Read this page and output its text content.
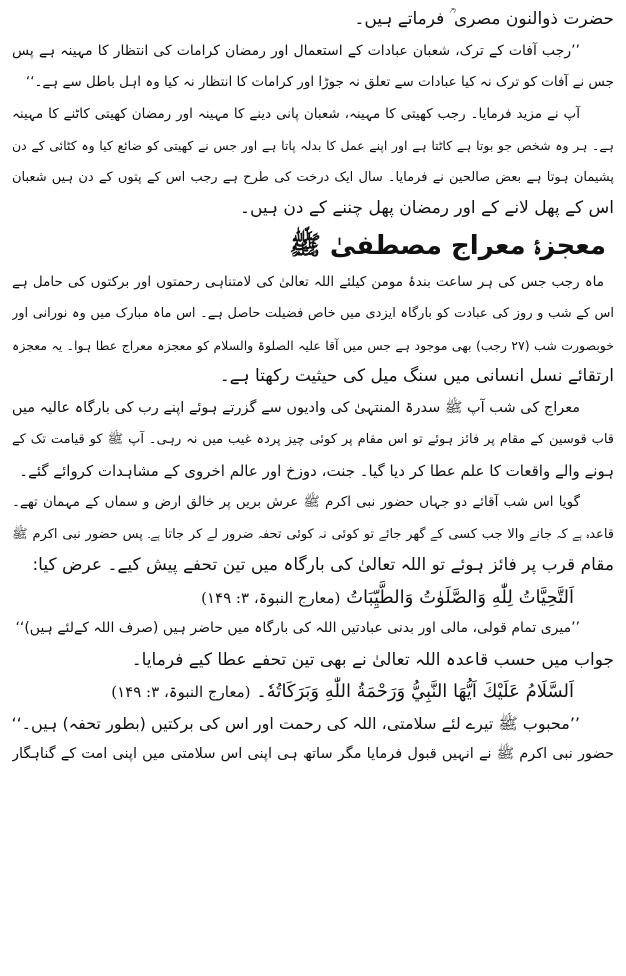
حضرت ذوالنون مصری ؒ فرماتے ہیں۔
’’رجب آفات کے ترک، شعبان عبادات کے استعمال اور رمضان کرامات کی انتظار کا مہینہ ہے پس
جس نے آفات کو ترک نہ کیا عبادات سے تعلق نہ جوڑا اور کرامات کا انتظار نہ کیا وہ اہل باطل سے ہے۔‘‘
آپ نے مزید فرمایا۔ رجب کھیتی کا مہینہ، شعبان پانی دینے کا مہینہ اور رمضان کھیتی کاٹنے کا مہینہ
ہے۔ ہر وہ شخص جو بوتا ہے کاٹتا ہے اور اپنے عمل کا بدلہ پاتا ہے اور جس نے کھیتی کو ضائع کیا وہ کٹائی کے دن
پشیمان ہوتا ہے بعض صالحین نے فرمایا۔ سال ایک درخت کی طرح ہے رجب اس کے پتوں کے دن ہیں شعبان
اس کے پھل لانے کے اور رمضان پھل چننے کے دن ہیں۔
معجزۂ معراج مصطفیٰ ﷺ
ماہ رجب جس کی ہر ساعت بندۂ مومن کیلئے اللہ تعالیٰ کی لامتناہی رحمتوں اور برکتوں کی حامل ہے
اس کے شب و روز کی عبادت کو بارگاہ ایزدی میں خاص فضیلت حاصل ہے۔ اس ماہ مبارک میں وہ نورانی اور
خوبصورت شب (۲۷ رجب) بھی موجود ہے جس میں آقا علیہ الصلوۃ والسلام کو معجزہ معراج عطا ہوا۔ یہ معجزہ
ارتقائے نسل انسانی میں سنگ میل کی حیثیت رکھتا ہے۔
معراج کی شب آپ ﷺ سدرۃ المنتہیٰ کی وادیوں سے گزرتے ہوئے اپنے رب کی بارگاہ عالیہ میں
قاب قوسین کے مقام پر فائز ہوئے تو اس مقام پر کوئی چیز پردہ غیب میں نہ رہی۔ آپ ﷺ کو قیامت تک کے
ہونے والے واقعات کا علم عطا کر دیا گیا۔ جنت، دوزخ اور عالم اخروی کے مشاہدات کروائے گئے۔
گویا اس شب آقائے دو جہاں حضور نبی اکرم ﷺ عرش بریں پر خالق ارض و سماں کے مہمان تھے۔
قاعدہ ہے کہ جانے والا جب کسی کے گھر جائے تو کوئی نہ کوئی تحفہ ضرور لے کر جاتا ہے۔ پس حضور نبی اکرم ﷺ
مقام قرب پر فائز ہوئے تو اللہ تعالیٰ کی بارگاہ میں تین تحفے پیش کیے۔ عرض کیا:
اَلتَّحِيَّاتُ لِلّٰهِ وَالصَّلَوٰتُ وَالطَّيِّبَاتُ (معارج النبوۃ، ۳: ۱۴۹)
’’میری تمام قولی، مالی اور بدنی عبادتیں اللہ کی بارگاہ میں حاضر ہیں (صرف اللہ کےلئے ہیں)‘‘
جواب میں حسب قاعدہ اللہ تعالیٰ نے بھی تین تحفے عطا کیے فرمایا۔
اَلسَّلَامُ عَلَيْكَ اَيُّهَا النَّبِيُّ وَرَحْمَةُ اللّٰهِ وَبَرَكَاتُهٗ۔ (معارج النبوۃ، ۳: ۱۴۹)
’’محبوب ﷺ تیرے لئے سلامتی، اللہ کی رحمت اور اس کی برکتیں (بطور تحفہ) ہیں۔‘‘
حضور نبی اکرم ﷺ نے انہیں قبول فرمایا مگر ساتھ ہی اپنی اس سلامتی میں اپنی امت کے گناہگار
